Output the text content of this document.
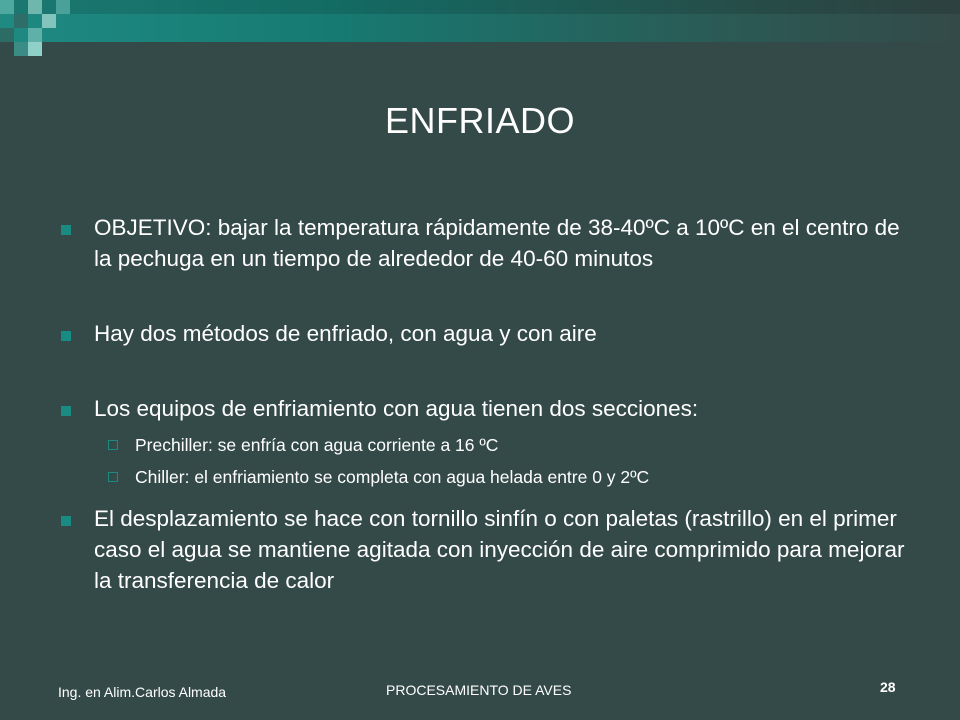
ENFRIADO
OBJETIVO: bajar la temperatura rápidamente de 38-40ºC a 10ºC en el centro de la pechuga en un tiempo de alrededor de 40-60 minutos
Hay dos métodos de enfriado, con agua y con aire
Los equipos de enfriamiento con agua tienen dos secciones:
Prechiller: se enfría con agua corriente a 16 ºC
Chiller: el enfriamiento se completa con agua helada entre 0 y 2ºC
El desplazamiento se hace con tornillo sinfín o con paletas (rastrillo) en el primer caso el agua se mantiene agitada con inyección de aire comprimido para mejorar la transferencia de calor
Ing. en Alim.Carlos Almada	PROCESAMIENTO DE AVES	28
